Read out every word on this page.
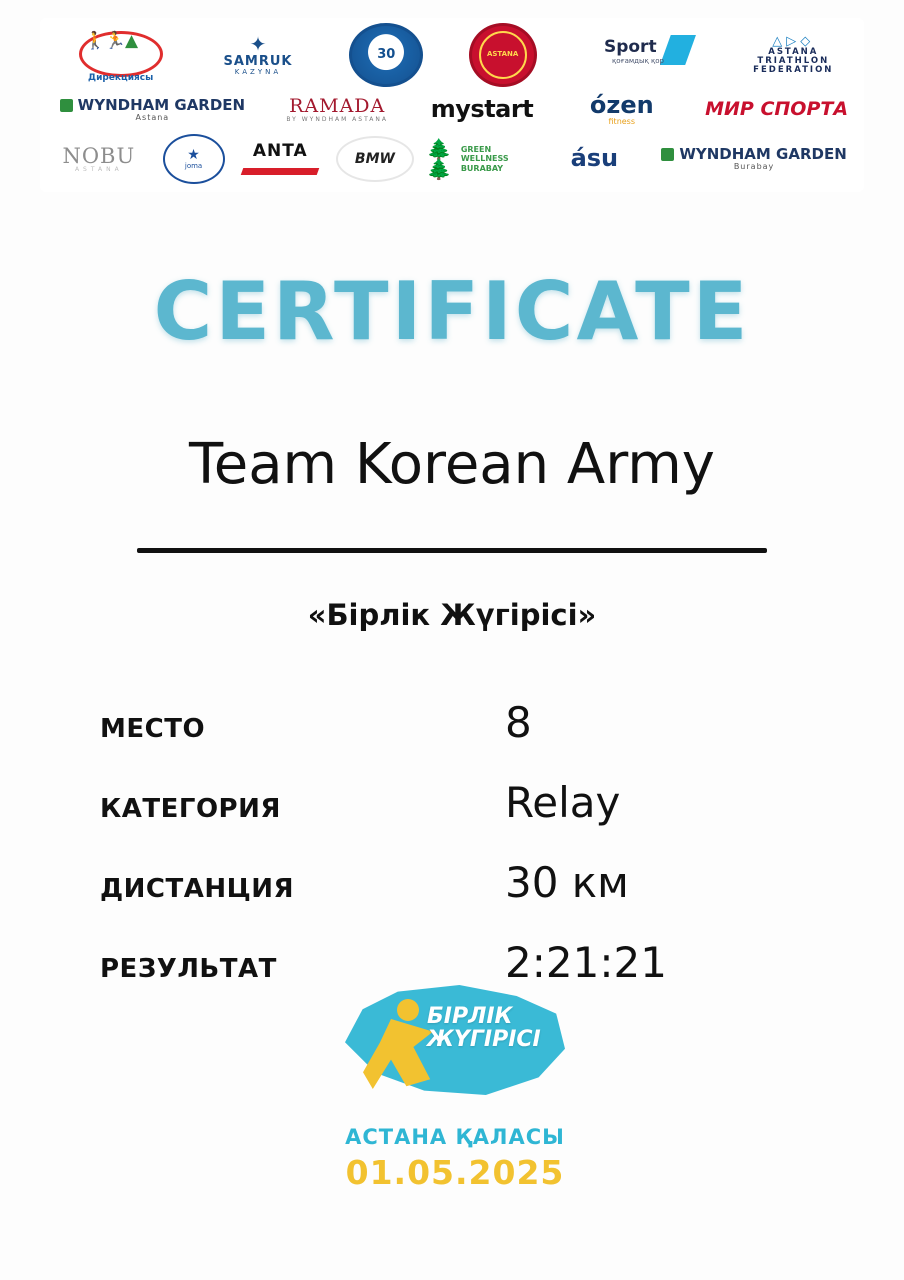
🚶🏃▲
Дирекциясы
✦
SAMRUK
KAZYNA
30	ASTANA	Sport
қоғамдық қор
△▷◇
ASTANA TRIATHLON FEDERATION
WYNDHAM GARDEN
Astana
RAMADA
BY WYNDHAM ASTANA mystart ózen
fitness
МИР СПОРТА
NOBU
ASTANA
★
joma
ANTA	BMW 🌲🌲
GREEN WELLNESS BURABAY	ásu	WYNDHAM GARDEN
Burabay
CERTIFICATE
Team Korean Army
«Бірлік Жүгірісі»
МЕСТО	8
КАТЕГОРИЯ	Relay
ДИСТАНЦИЯ	30 км
РЕЗУЛЬТАТ	2:21:21
БІРЛІК
ЖҮГІРІСІ
АСТАНА ҚАЛАСЫ
01.05.2025
